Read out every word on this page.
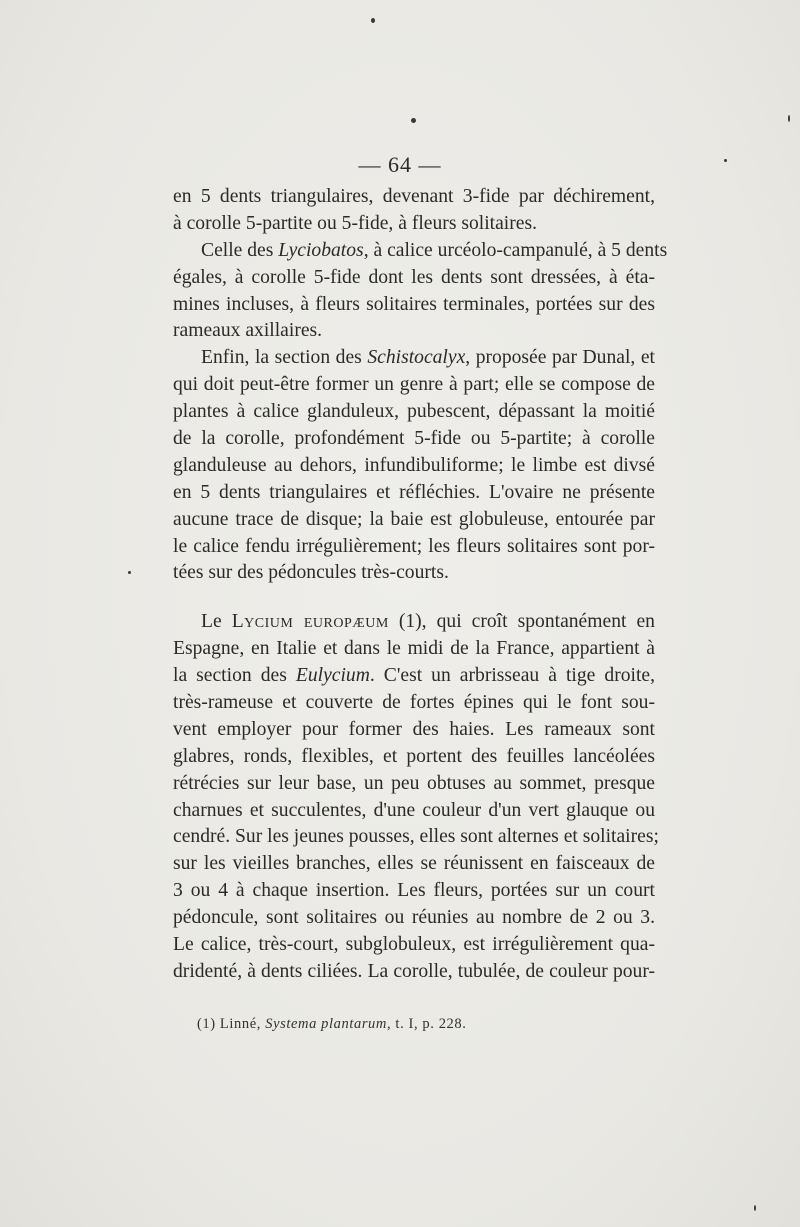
— 64 —
en 5 dents triangulaires, devenant 3-fide par déchirement,
à corolle 5-partite ou 5-fide, à fleurs solitaires.
Celle des Lyciobatos, à calice urcéolo-campanulé, à 5 dents
égales, à corolle 5-fide dont les dents sont dressées, à éta-
mines incluses, à fleurs solitaires terminales, portées sur des
rameaux axillaires.
Enfin, la section des Schistocalyx, proposée par Dunal, et
qui doit peut-être former un genre à part; elle se compose de
plantes à calice glanduleux, pubescent, dépassant la moitié
de la corolle, profondément 5-fide ou 5-partite; à corolle
glanduleuse au dehors, infundibuliforme; le limbe est divsé
en 5 dents triangulaires et réfléchies. L'ovaire ne présente
aucune trace de disque; la baie est globuleuse, entourée par
le calice fendu irrégulièrement; les fleurs solitaires sont por-
tées sur des pédoncules très-courts.
Le Lycium europæum (1), qui croît spontanément en
Espagne, en Italie et dans le midi de la France, appartient à
la section des Eulycium. C'est un arbrisseau à tige droite,
très-rameuse et couverte de fortes épines qui le font sou-
vent employer pour former des haies. Les rameaux sont
glabres, ronds, flexibles, et portent des feuilles lancéolées
rétrécies sur leur base, un peu obtuses au sommet, presque
charnues et succulentes, d'une couleur d'un vert glauque ou
cendré. Sur les jeunes pousses, elles sont alternes et solitaires;
sur les vieilles branches, elles se réunissent en faisceaux de
3 ou 4 à chaque insertion. Les fleurs, portées sur un court
pédoncule, sont solitaires ou réunies au nombre de 2 ou 3.
Le calice, très-court, subglobuleux, est irrégulièrement qua-
dridenté, à dents ciliées. La corolle, tubulée, de couleur pour-
(1) Linné, Systema plantarum, t. I, p. 228.
